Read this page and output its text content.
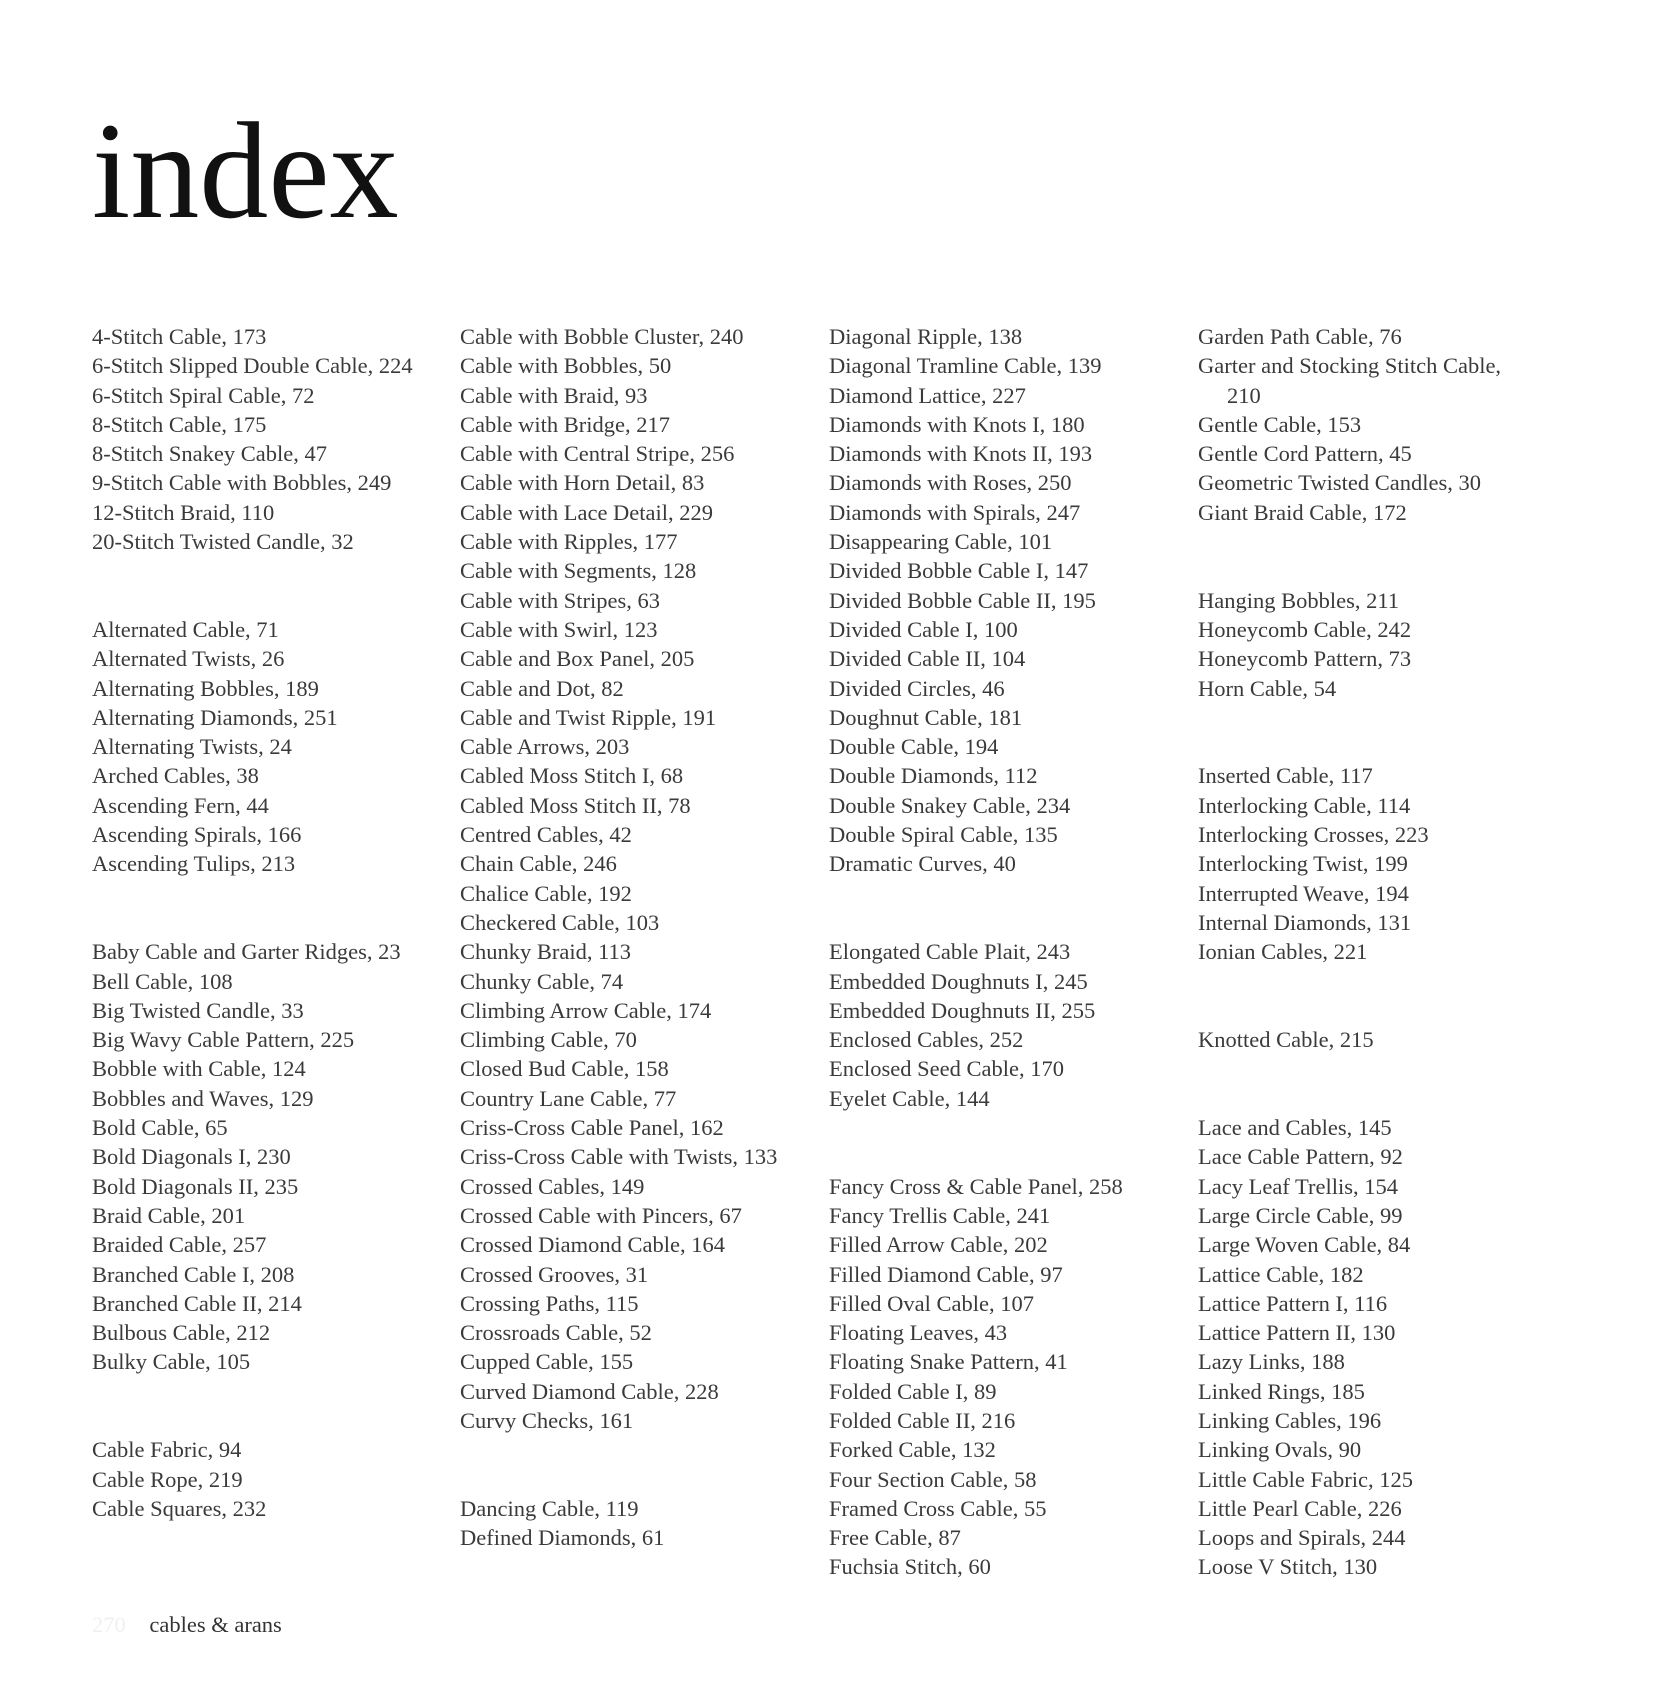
index
4-Stitch Cable, 173
6-Stitch Slipped Double Cable, 224
6-Stitch Spiral Cable, 72
8-Stitch Cable, 175
8-Stitch Snakey Cable, 47
9-Stitch Cable with Bobbles, 249
12-Stitch Braid, 110
20-Stitch Twisted Candle, 32
Alternated Cable, 71
Alternated Twists, 26
Alternating Bobbles, 189
Alternating Diamonds, 251
Alternating Twists, 24
Arched Cables, 38
Ascending Fern, 44
Ascending Spirals, 166
Ascending Tulips, 213
Baby Cable and Garter Ridges, 23
Bell Cable, 108
Big Twisted Candle, 33
Big Wavy Cable Pattern, 225
Bobble with Cable, 124
Bobbles and Waves, 129
Bold Cable, 65
Bold Diagonals I, 230
Bold Diagonals II, 235
Braid Cable, 201
Braided Cable, 257
Branched Cable I, 208
Branched Cable II, 214
Bulbous Cable, 212
Bulky Cable, 105
Cable Fabric, 94
Cable Rope, 219
Cable Squares, 232
Cable with Bobble Cluster, 240
Cable with Bobbles, 50
Cable with Braid, 93
Cable with Bridge, 217
Cable with Central Stripe, 256
Cable with Horn Detail, 83
Cable with Lace Detail, 229
Cable with Ripples, 177
Cable with Segments, 128
Cable with Stripes, 63
Cable with Swirl, 123
Cable and Box Panel, 205
Cable and Dot, 82
Cable and Twist Ripple, 191
Cable Arrows, 203
Cabled Moss Stitch I, 68
Cabled Moss Stitch II, 78
Centred Cables, 42
Chain Cable, 246
Chalice Cable, 192
Checkered Cable, 103
Chunky Braid, 113
Chunky Cable, 74
Climbing Arrow Cable, 174
Climbing Cable, 70
Closed Bud Cable, 158
Country Lane Cable, 77
Criss-Cross Cable Panel, 162
Criss-Cross Cable with Twists, 133
Crossed Cables, 149
Crossed Cable with Pincers, 67
Crossed Diamond Cable, 164
Crossed Grooves, 31
Crossing Paths, 115
Crossroads Cable, 52
Cupped Cable, 155
Curved Diamond Cable, 228
Curvy Checks, 161
Dancing Cable, 119
Defined Diamonds, 61
Diagonal Ripple, 138
Diagonal Tramline Cable, 139
Diamond Lattice, 227
Diamonds with Knots I, 180
Diamonds with Knots II, 193
Diamonds with Roses, 250
Diamonds with Spirals, 247
Disappearing Cable, 101
Divided Bobble Cable I, 147
Divided Bobble Cable II, 195
Divided Cable I, 100
Divided Cable II, 104
Divided Circles, 46
Doughnut Cable, 181
Double Cable, 194
Double Diamonds, 112
Double Snakey Cable, 234
Double Spiral Cable, 135
Dramatic Curves, 40
Elongated Cable Plait, 243
Embedded Doughnuts I, 245
Embedded Doughnuts II, 255
Enclosed Cables, 252
Enclosed Seed Cable, 170
Eyelet Cable, 144
Fancy Cross & Cable Panel, 258
Fancy Trellis Cable, 241
Filled Arrow Cable, 202
Filled Diamond Cable, 97
Filled Oval Cable, 107
Floating Leaves, 43
Floating Snake Pattern, 41
Folded Cable I, 89
Folded Cable II, 216
Forked Cable, 132
Four Section Cable, 58
Framed Cross Cable, 55
Free Cable, 87
Fuchsia Stitch, 60
Garden Path Cable, 76
Garter and Stocking Stitch Cable, 210
Gentle Cable, 153
Gentle Cord Pattern, 45
Geometric Twisted Candles, 30
Giant Braid Cable, 172
Hanging Bobbles, 211
Honeycomb Cable, 242
Honeycomb Pattern, 73
Horn Cable, 54
Inserted Cable, 117
Interlocking Cable, 114
Interlocking Crosses, 223
Interlocking Twist, 199
Interrupted Weave, 194
Internal Diamonds, 131
Ionian Cables, 221
Knotted Cable, 215
Lace and Cables, 145
Lace Cable Pattern, 92
Lacy Leaf Trellis, 154
Large Circle Cable, 99
Large Woven Cable, 84
Lattice Cable, 182
Lattice Pattern I, 116
Lattice Pattern II, 130
Lazy Links, 188
Linked Rings, 185
Linking Cables, 196
Linking Ovals, 90
Little Cable Fabric, 125
Little Pearl Cable, 226
Loops and Spirals, 244
Loose V Stitch, 130
270 cables & arans
